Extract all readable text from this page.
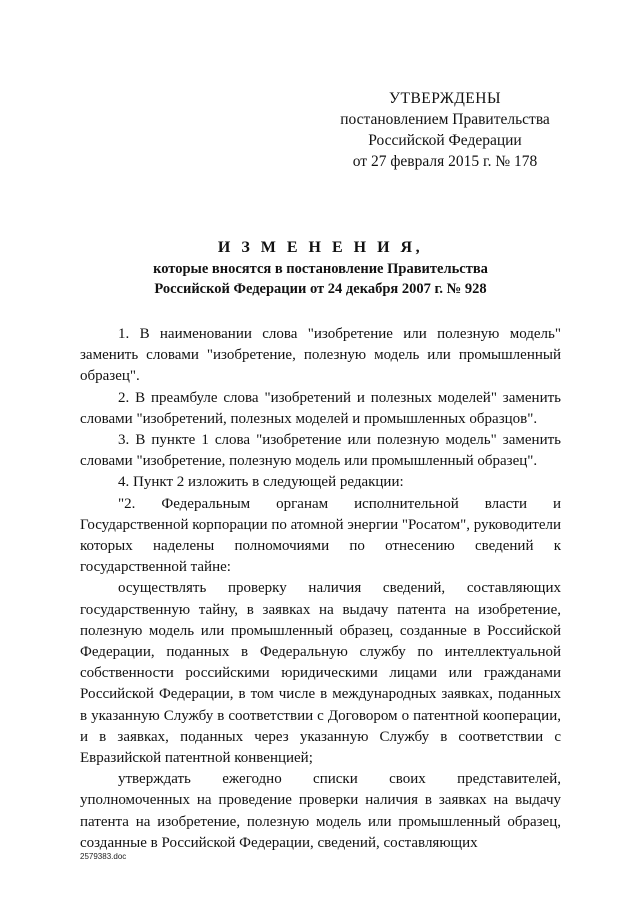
УТВЕРЖДЕНЫ
постановлением Правительства
Российской Федерации
от 27 февраля 2015 г. № 178
И З М Е Н Е Н И Я,
которые вносятся в постановление Правительства
Российской Федерации от 24 декабря 2007 г. № 928

1. В наименовании слова "изобретение или полезную модель" заменить словами "изобретение, полезную модель или промышленный образец".

2. В преамбуле слова "изобретений и полезных моделей" заменить словами "изобретений, полезных моделей и промышленных образцов".

3. В пункте 1 слова "изобретение или полезную модель" заменить словами "изобретение, полезную модель или промышленный образец".

4. Пункт 2 изложить в следующей редакции:

"2. Федеральным органам исполнительной власти и Государственной корпорации по атомной энергии "Росатом", руководители которых наделены полномочиями по отнесению сведений к государственной тайне:

осуществлять проверку наличия сведений, составляющих государственную тайну, в заявках на выдачу патента на изобретение, полезную модель или промышленный образец, созданные в Российской Федерации, поданных в Федеральную службу по интеллектуальной собственности российскими юридическими лицами или гражданами Российской Федерации, в том числе в международных заявках, поданных в указанную Службу в соответствии с Договором о патентной кооперации, и в заявках, поданных через указанную Службу в соответствии с Евразийской патентной конвенцией;

утверждать ежегодно списки своих представителей, уполномоченных на проведение проверки наличия в заявках на выдачу патента на изобретение, полезную модель или промышленный образец, созданные в Российской Федерации, сведений, составляющих

2579383.doc
